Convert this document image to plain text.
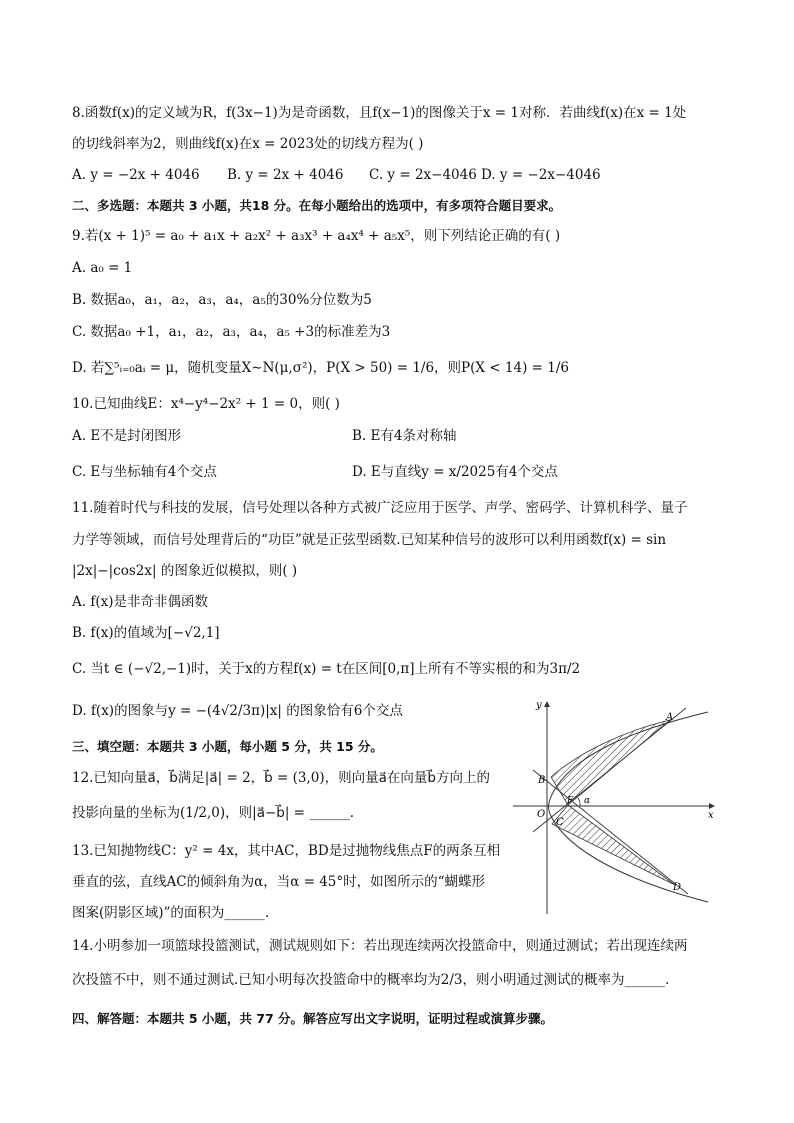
8.函数f(x)的定义域为R，f(3x−1)为是奇函数，且f(x−1)的图像关于x = 1对称．若曲线f(x)在x = 1处
的切线斜率为2，则曲线f(x)在x = 2023处的切线方程为( )
A. y = −2x + 4046 B. y = 2x + 4046 C. y = 2x−4046 D. y = −2x−4046
二、多选题：本题共 3 小题，共18 分。在每小题给出的选项中，有多项符合题目要求。
9.若(x + 1)⁵ = a₀ + a₁x + a₂x² + a₃x³ + a₄x⁴ + a₅x⁵，则下列结论正确的有( )
A. a₀ = 1
B. 数据a₀，a₁，a₂，a₃，a₄，a₅的30%分位数为5
C. 数据a₀ +1，a₁，a₂，a₃，a₄，a₅ +3的标准差为3
D. 若∑⁵ᵢ₌₀aᵢ = μ，随机变量X∼N(μ,σ²)，P(X > 50) = 1/6，则P(X < 14) = 1/6
10.已知曲线E：x⁴−y⁴−2x² + 1 = 0，则( )
A. E不是封闭图形	B. E有4条对称轴
C. E与坐标轴有4个交点	D. E与直线y = x/2025有4个交点
11.随着时代与科技的发展，信号处理以各种方式被广泛应用于医学、声学、密码学、计算机科学、量子
力学等领域，而信号处理背后的“功臣”就是正弦型函数.已知某种信号的波形可以利用函数f(x) = sin
|2x|−|cos2x| 的图象近似模拟，则( )
A. f(x)是非奇非偶函数
B. f(x)的值域为[−√2,1]
C. 当t ∈ (−√2,−1)时，关于x的方程f(x) = t在区间[0,π]上所有不等实根的和为3π/2
D. f(x)的图象与y = −(4√2/3π)|x| 的图象恰有6个交点
三、填空题：本题共 3 小题，每小题 5 分，共 15 分。
12.已知向量a⃗，b⃗满足|a⃗| = 2，b⃗ = (3,0)，则向量a⃗在向量b⃗方向上的
投影向量的坐标为(1/2,0)，则|a⃗−b⃗| = ______.
13.已知抛物线C：y² = 4x，其中AC，BD是过抛物线焦点F的两条互相
垂直的弦，直线AC的倾斜角为α，当α = 45°时，如图所示的“蝴蝶形
图案(阴影区域)”的面积为______.
14.小明参加一项篮球投篮测试，测试规则如下：若出现连续两次投篮命中，则通过测试；若出现连续两
次投篮不中，则不通过测试.已知小明每次投篮命中的概率均为2/3，则小明通过测试的概率为______.
四、解答题：本题共 5 小题，共 77 分。解答应写出文字说明，证明过程或演算步骤。
y
x
O
A
B
C
D
F α
